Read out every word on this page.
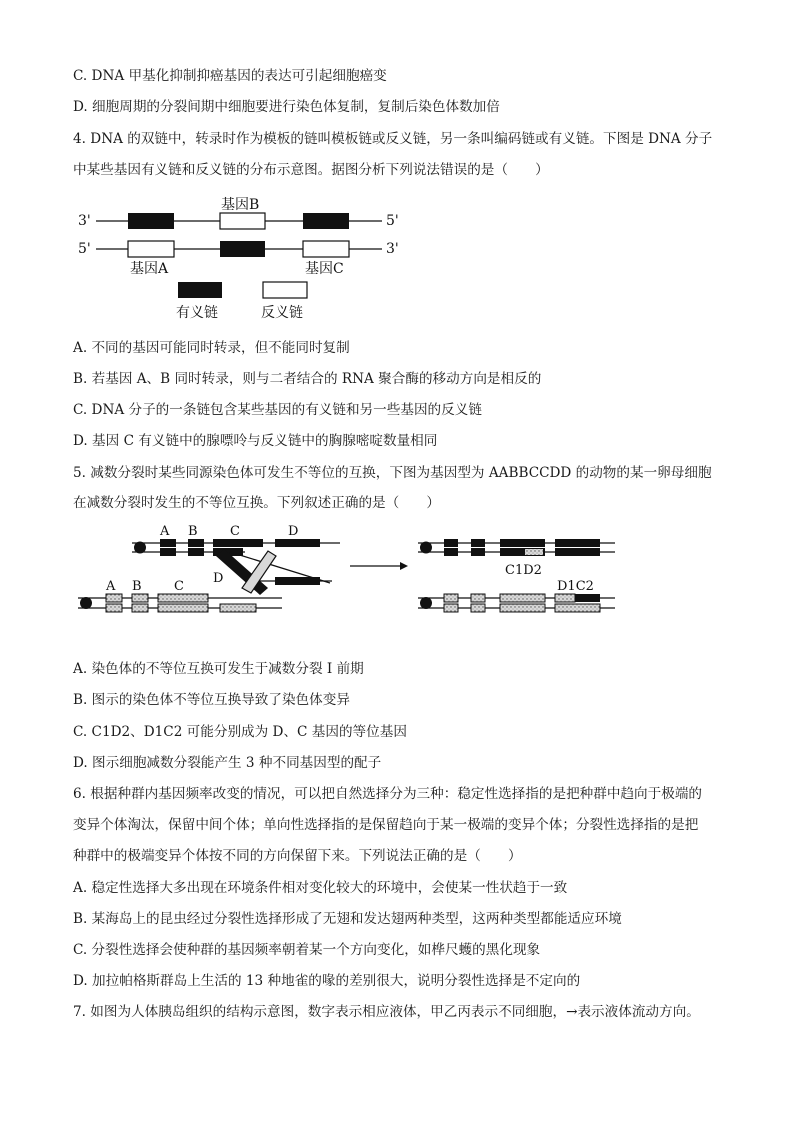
C. DNA 甲基化抑制抑癌基因的表达可引起细胞癌变
D. 细胞周期的分裂间期中细胞要进行染色体复制，复制后染色体数加倍
4. DNA 的双链中，转录时作为模板的链叫模板链或反义链，另一条叫编码链或有义链。下图是 DNA 分子
中某些基因有义链和反义链的分布示意图。据图分析下列说法错误的是（　　）
3'	5'
5'	3'
基因B
基因A	基因C
有义链	反义链
A. 不同的基因可能同时转录，但不能同时复制
B. 若基因 A、B 同时转录，则与二者结合的 RNA 聚合酶的移动方向是相反的
C. DNA 分子的一条链包含某些基因的有义链和另一些基因的反义链
D. 基因 C 有义链中的腺嘌呤与反义链中的胸腺嘧啶数量相同
5. 减数分裂时某些同源染色体可发生不等位的互换，下图为基因型为 AABBCCDD 的动物的某一卵母细胞
在减数分裂时发生的不等位互换。下列叙述正确的是（　　）
A B C	D
A B C
D
C1D2
D1C2
A. 染色体的不等位互换可发生于减数分裂 I 前期
B. 图示的染色体不等位互换导致了染色体变异
C. C1D2、D1C2 可能分别成为 D、C 基因的等位基因
D. 图示细胞减数分裂能产生 3 种不同基因型的配子
6. 根据种群内基因频率改变的情况，可以把自然选择分为三种：稳定性选择指的是把种群中趋向于极端的
变异个体淘汰，保留中间个体；单向性选择指的是保留趋向于某一极端的变异个体；分裂性选择指的是把
种群中的极端变异个体按不同的方向保留下来。下列说法正确的是（　　）
A. 稳定性选择大多出现在环境条件相对变化较大的环境中，会使某一性状趋于一致
B. 某海岛上的昆虫经过分裂性选择形成了无翅和发达翅两种类型，这两种类型都能适应环境
C. 分裂性选择会使种群的基因频率朝着某一个方向变化，如桦尺蠖的黑化现象
D. 加拉帕格斯群岛上生活的 13 种地雀的喙的差别很大，说明分裂性选择是不定向的
7. 如图为人体胰岛组织的结构示意图，数字表示相应液体，甲乙丙表示不同细胞，→表示液体流动方向。
